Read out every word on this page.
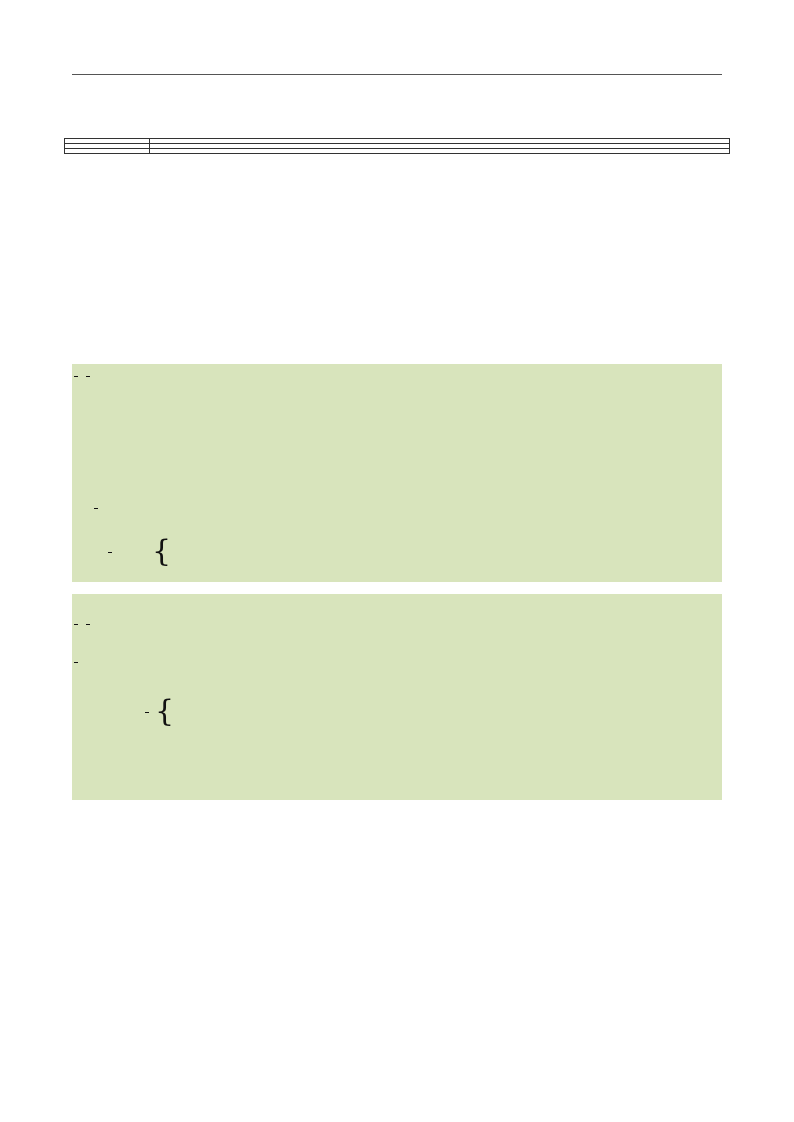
{

{
